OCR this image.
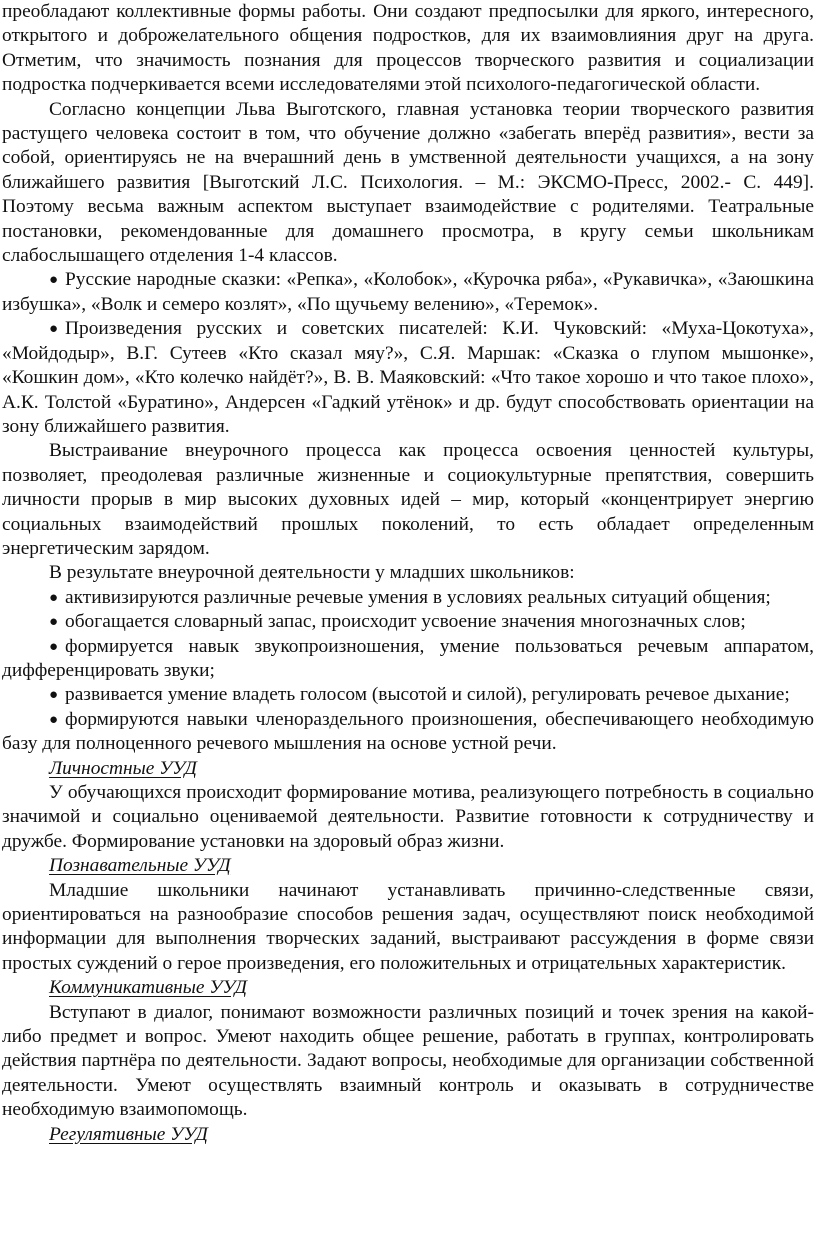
преобладают коллективные формы работы. Они создают предпосылки для яркого, интересного, открытого и доброжелательного общения подростков, для их взаимовлияния друг на друга. Отметим, что значимость познания для процессов творческого развития и социализации подростка подчеркивается всеми исследователями этой психолого-педагогической области.

Согласно концепции Льва Выготского, главная установка теории творческого развития растущего человека состоит в том, что обучение должно «забегать вперёд развития», вести за собой, ориентируясь не на вчерашний день в умственной деятельности учащихся, а на зону ближайшего развития [Выготский Л.С. Психология. – М.: ЭКСМО-Пресс, 2002.- С. 449]. Поэтому весьма важным аспектом выступает взаимодействие с родителями. Театральные постановки, рекомендованные для домашнего просмотра, в кругу семьи школьникам слабослышащего отделения 1-4 классов.

● Русские народные сказки: «Репка», «Колобок», «Курочка ряба», «Рукавичка», «Заюшкина избушка», «Волк и семеро козлят», «По щучьему велению», «Теремок».

● Произведения русских и советских писателей: К.И. Чуковский: «Муха-Цокотуха», «Мойдодыр», В.Г. Сутеев «Кто сказал мяу?», С.Я. Маршак: «Сказка о глупом мышонке», «Кошкин дом», «Кто колечко найдёт?», В. В. Маяковский: «Что такое хорошо и что такое плохо», А.К. Толстой «Буратино», Андерсен «Гадкий утёнок» и др. будут способствовать ориентации на зону ближайшего развития.

Выстраивание внеурочного процесса как процесса освоения ценностей культуры, позволяет, преодолевая различные жизненные и социокультурные препятствия, совершить личности прорыв в мир высоких духовных идей – мир, который «концентрирует энергию социальных взаимодействий прошлых поколений, то есть обладает определенным энергетическим зарядом.

В результате внеурочной деятельности у младших школьников:

● активизируются различные речевые умения в условиях реальных ситуаций общения;

● обогащается словарный запас, происходит усвоение значения многозначных слов;

● формируется навык звукопроизношения, умение пользоваться речевым аппаратом, дифференцировать звуки;

● развивается умение владеть голосом (высотой и силой), регулировать речевое дыхание;

● формируются навыки членораздельного произношения, обеспечивающего необходимую базу для полноценного речевого мышления на основе устной речи.

Личностные УУД

У обучающихся происходит формирование мотива, реализующего потребность в социально значимой и социально оцениваемой деятельности. Развитие готовности к сотрудничеству и дружбе. Формирование установки на здоровый образ жизни.

Познавательные УУД

Младшие школьники начинают устанавливать причинно-следственные связи, ориентироваться на разнообразие способов решения задач, осуществляют поиск необходимой информации для выполнения творческих заданий, выстраивают рассуждения в форме связи простых суждений о герое произведения, его положительных и отрицательных характеристик.

Коммуникативные УУД

Вступают в диалог, понимают возможности различных позиций и точек зрения на какой-либо предмет и вопрос. Умеют находить общее решение, работать в группах, контролировать действия партнёра по деятельности. Задают вопросы, необходимые для организации собственной деятельности. Умеют осуществлять взаимный контроль и оказывать в сотрудничестве необходимую взаимопомощь.

Регулятивные УУД
